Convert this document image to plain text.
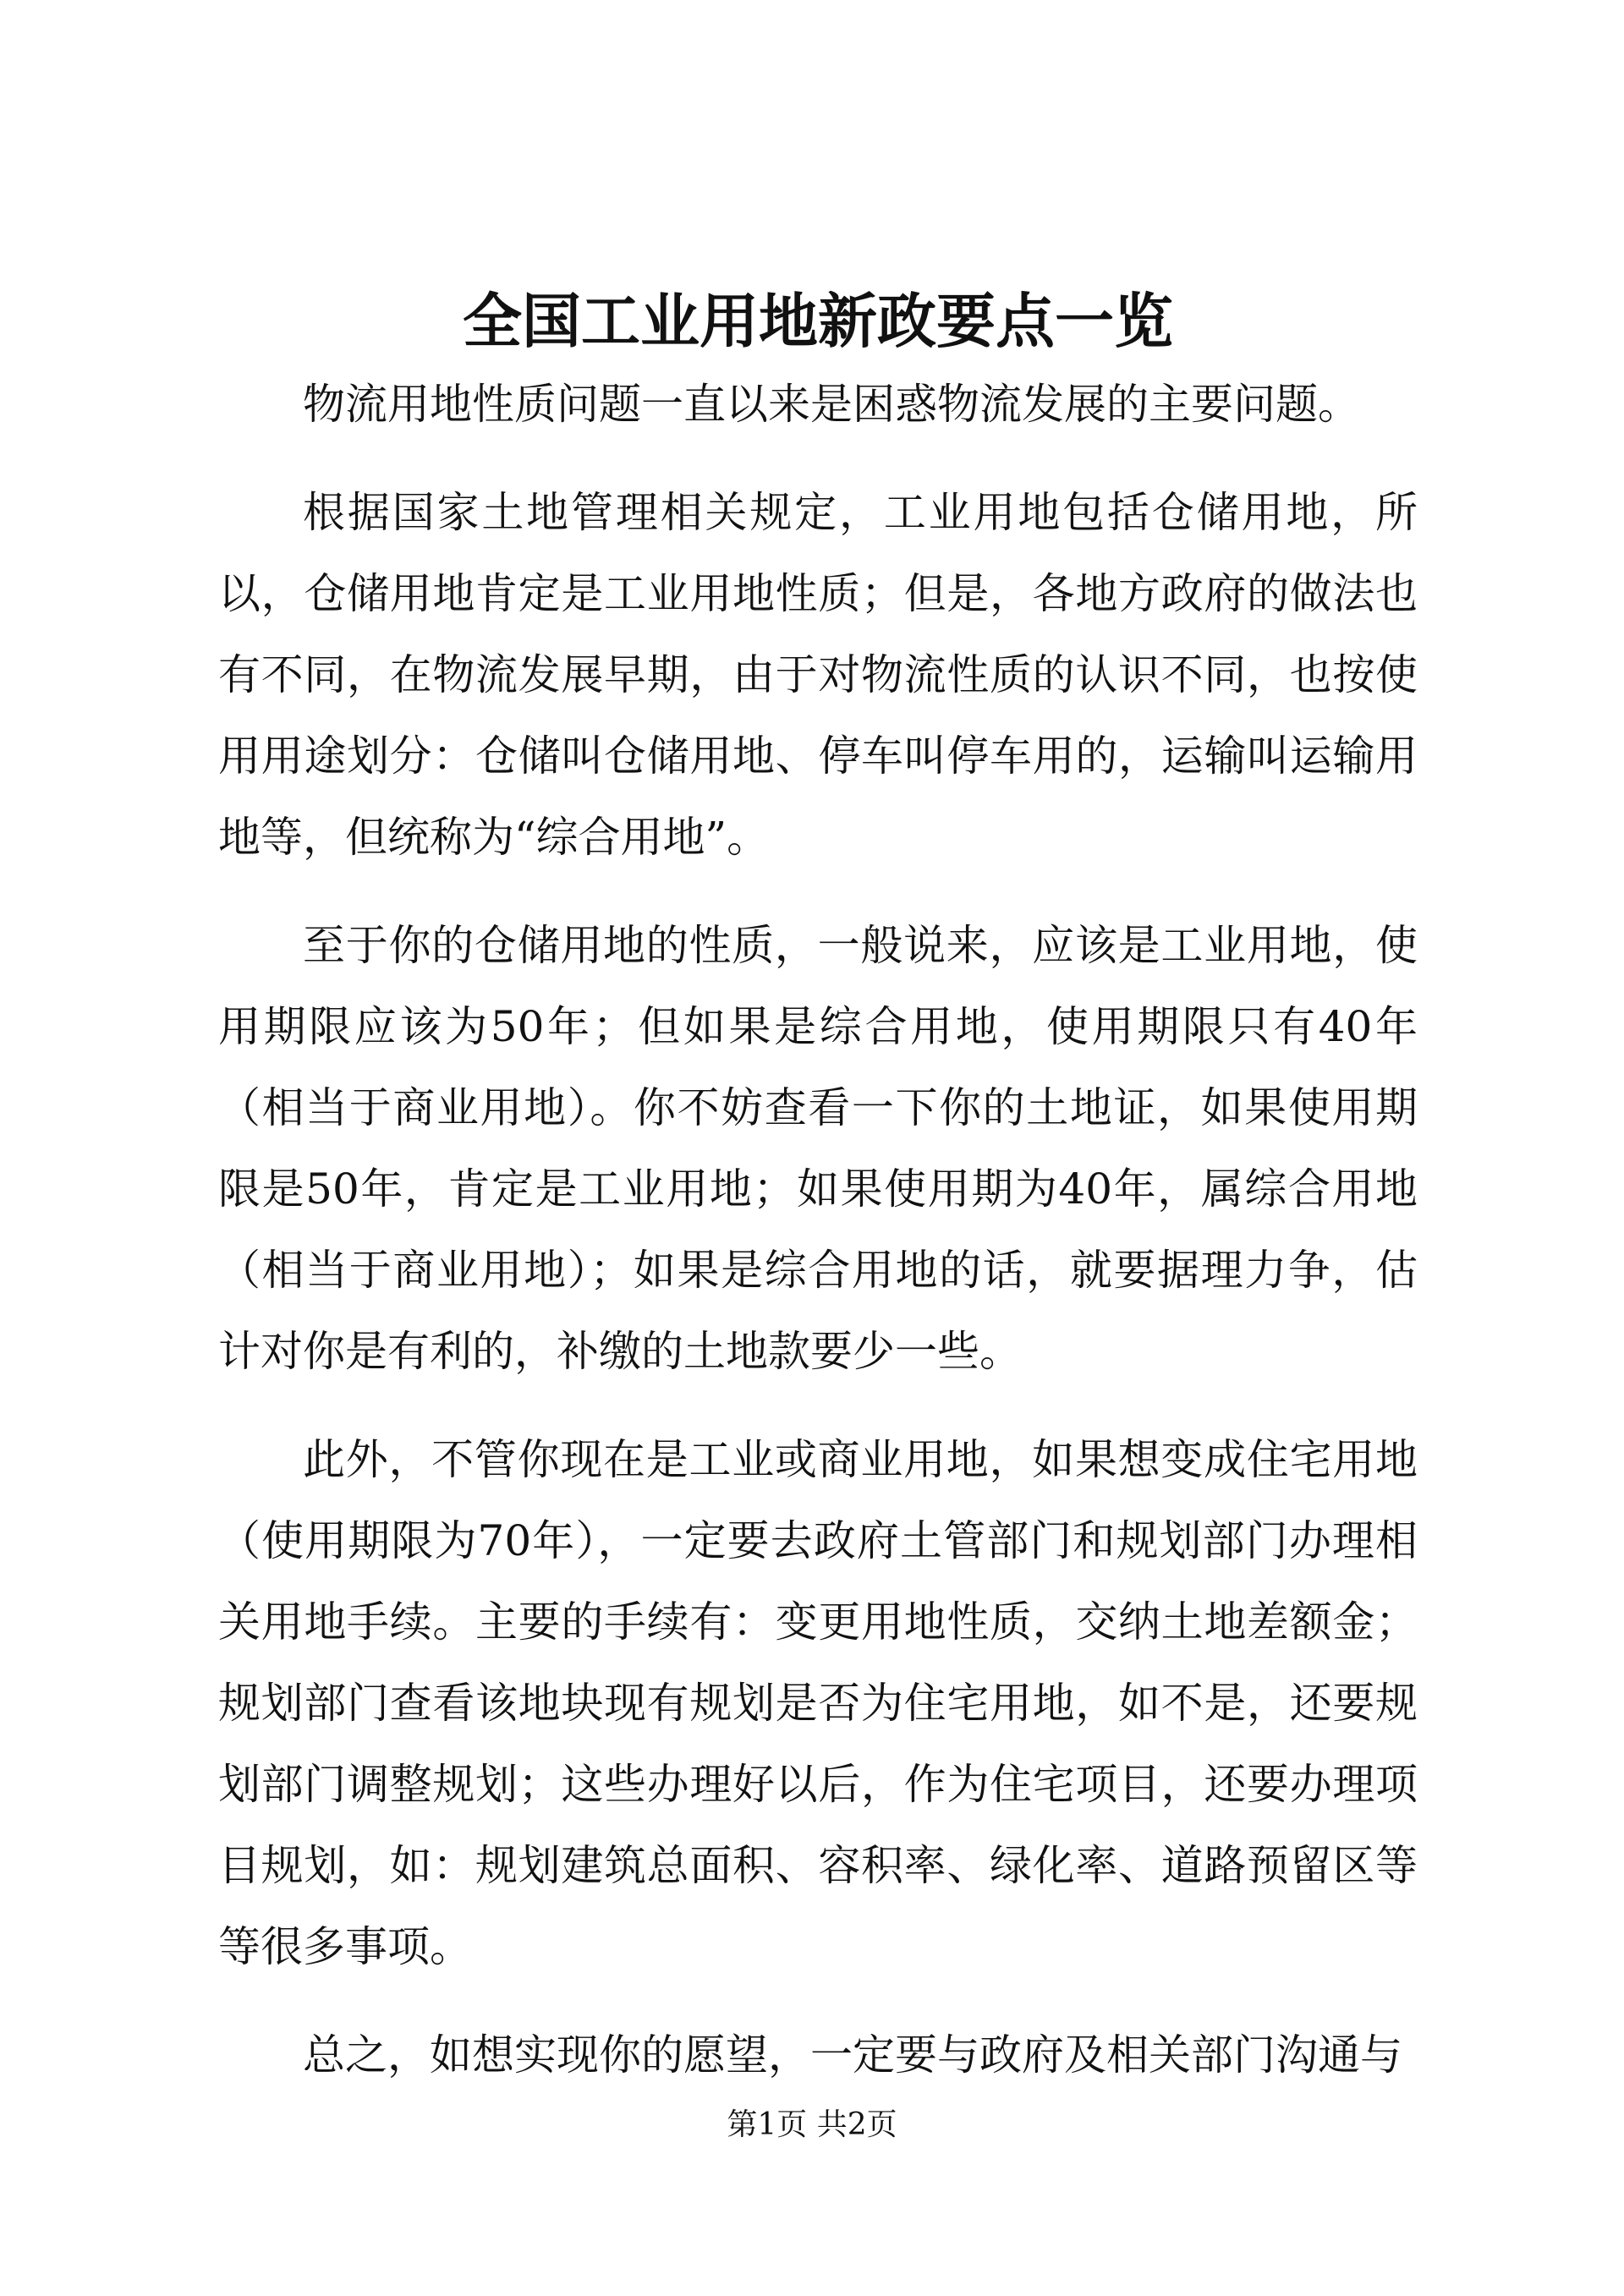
全国工业用地新政要点一览

物流用地性质问题一直以来是困惑物流发展的主要问题。

根据国家土地管理相关规定，工业用地包括仓储用地，所以，仓储用地肯定是工业用地性质；但是，各地方政府的做法也有不同，在物流发展早期，由于对物流性质的认识不同，也按使用用途划分：仓储叫仓储用地、停车叫停车用的，运输叫运输用地等，但统称为“综合用地”。

至于你的仓储用地的性质，一般说来，应该是工业用地，使用期限应该为50年；但如果是综合用地，使用期限只有40年（相当于商业用地）。你不妨查看一下你的土地证，如果使用期限是50年，肯定是工业用地；如果使用期为40年，属综合用地（相当于商业用地）；如果是综合用地的话，就要据理力争，估计对你是有利的，补缴的土地款要少一些。

此外，不管你现在是工业或商业用地，如果想变成住宅用地（使用期限为70年），一定要去政府土管部门和规划部门办理相关用地手续。主要的手续有：变更用地性质，交纳土地差额金；规划部门查看该地块现有规划是否为住宅用地，如不是，还要规划部门调整规划；这些办理好以后，作为住宅项目，还要办理项目规划，如：规划建筑总面积、容积率、绿化率、道路预留区等等很多事项。

总之，如想实现你的愿望，一定要与政府及相关部门沟通与

第1页 共2页
